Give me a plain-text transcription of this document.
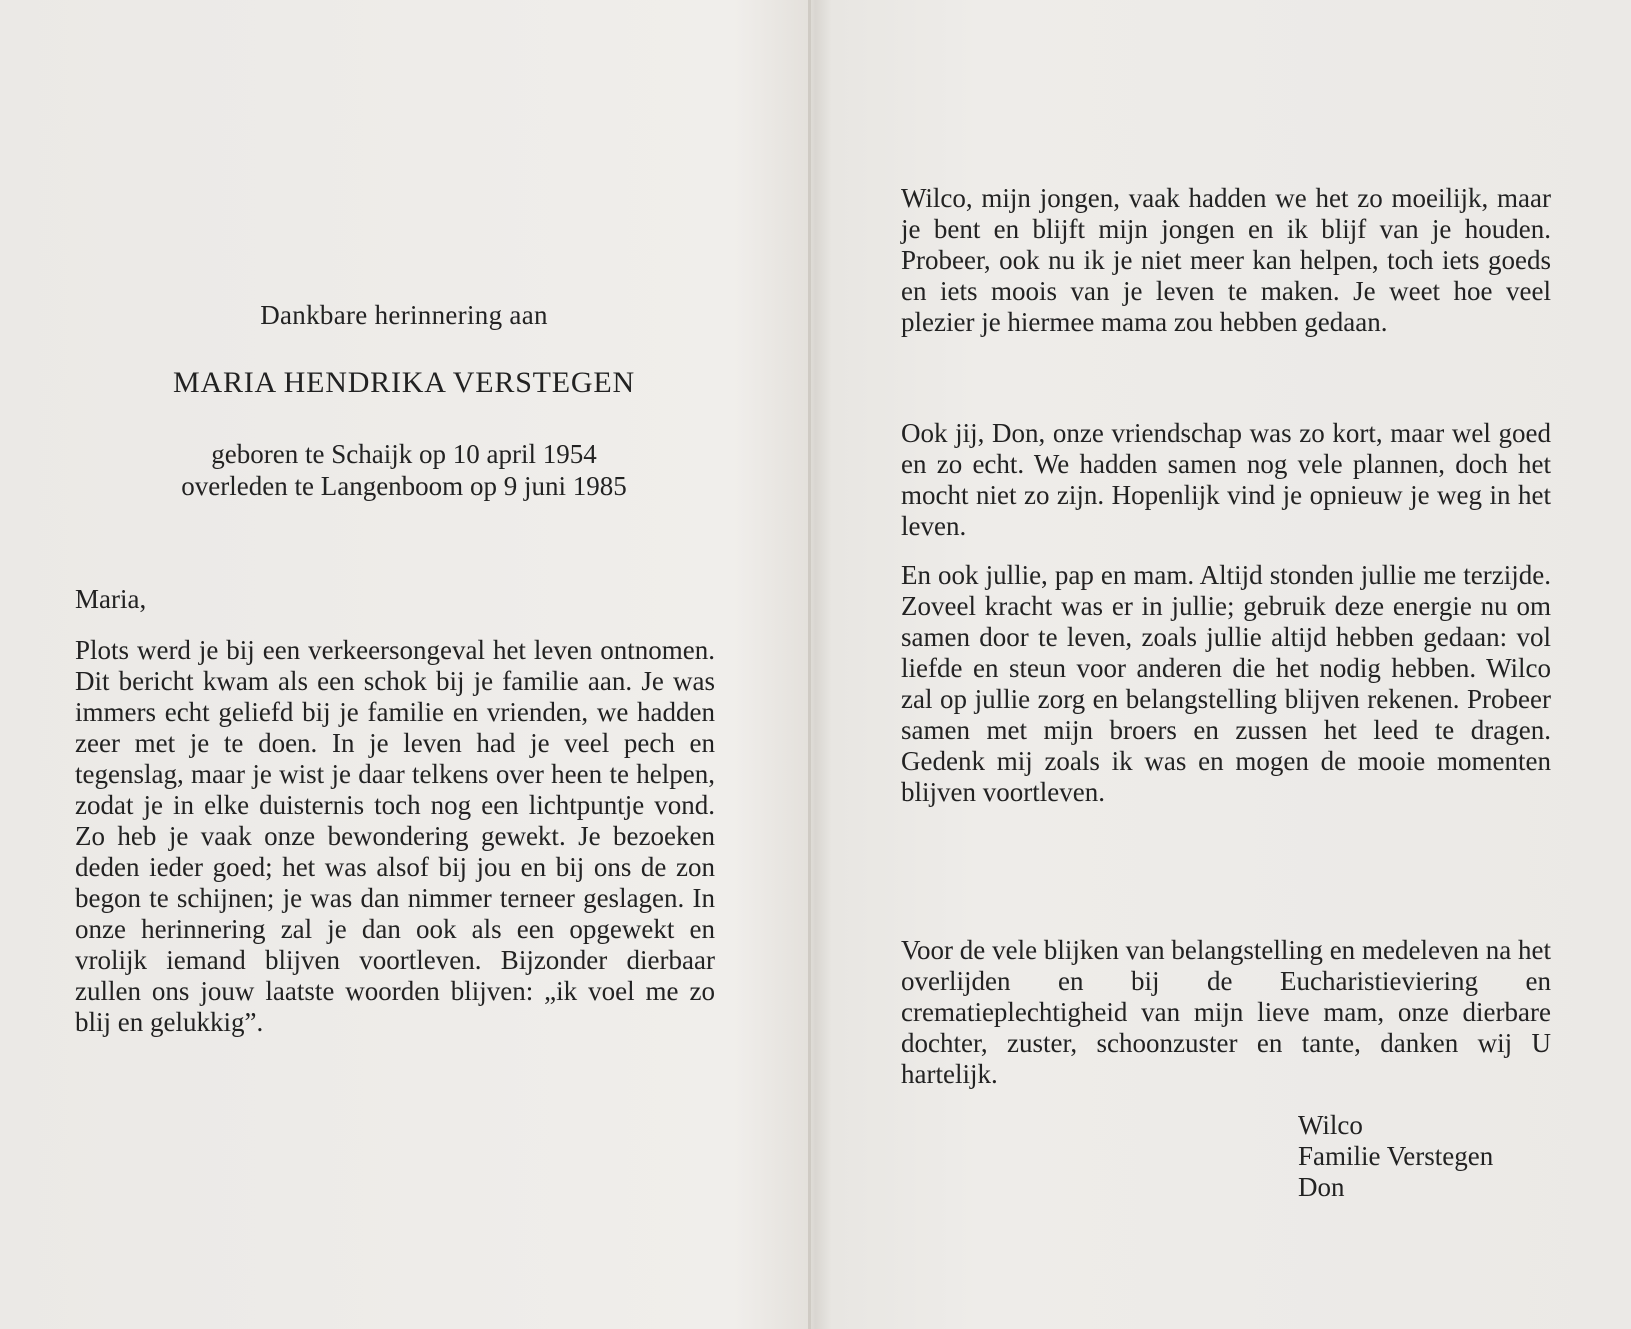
Dankbare herinnering aan
MARIA HENDRIKA VERSTEGEN
geboren te Schaijk op 10 april 1954
overleden te Langenboom op 9 juni 1985

Maria,

Plots werd je bij een verkeersongeval het leven ontnomen. Dit bericht kwam als een schok bij je familie aan. Je was immers echt geliefd bij je familie en vrienden, we hadden zeer met je te doen. In je leven had je veel pech en tegenslag, maar je wist je daar telkens over heen te helpen, zodat je in elke duisternis toch nog een lichtpuntje vond. Zo heb je vaak onze bewondering gewekt. Je bezoeken deden ieder goed; het was alsof bij jou en bij ons de zon begon te schijnen; je was dan nimmer terneer geslagen. In onze herinnering zal je dan ook als een opgewekt en vrolijk iemand blijven voortleven. Bijzonder dierbaar zullen ons jouw laatste woorden blijven: „ik voel me zo blij en gelukkig”.

Wilco, mijn jongen, vaak hadden we het zo moeilijk, maar je bent en blijft mijn jongen en ik blijf van je houden. Probeer, ook nu ik je niet meer kan helpen, toch iets goeds en iets moois van je leven te maken. Je weet hoe veel plezier je hiermee mama zou hebben gedaan.
Ook jij, Don, onze vriendschap was zo kort, maar wel goed en zo echt. We hadden samen nog vele plannen, doch het mocht niet zo zijn. Hopenlijk vind je opnieuw je weg in het leven.
En ook jullie, pap en mam. Altijd stonden jullie me terzijde. Zoveel kracht was er in jullie; gebruik deze energie nu om samen door te leven, zoals jullie altijd hebben gedaan: vol liefde en steun voor anderen die het nodig hebben. Wilco zal op jullie zorg en belangstelling blijven rekenen. Probeer samen met mijn broers en zussen het leed te dragen. Gedenk mij zoals ik was en mogen de mooie momenten blijven voortleven.
Voor de vele blijken van belangstelling en medeleven na het overlijden en bij de Eucharistieviering en crematieplechtigheid van mijn lieve mam, onze dierbare dochter, zuster, schoonzuster en tante, danken wij U hartelijk.
Wilco
Familie Verstegen
Don
